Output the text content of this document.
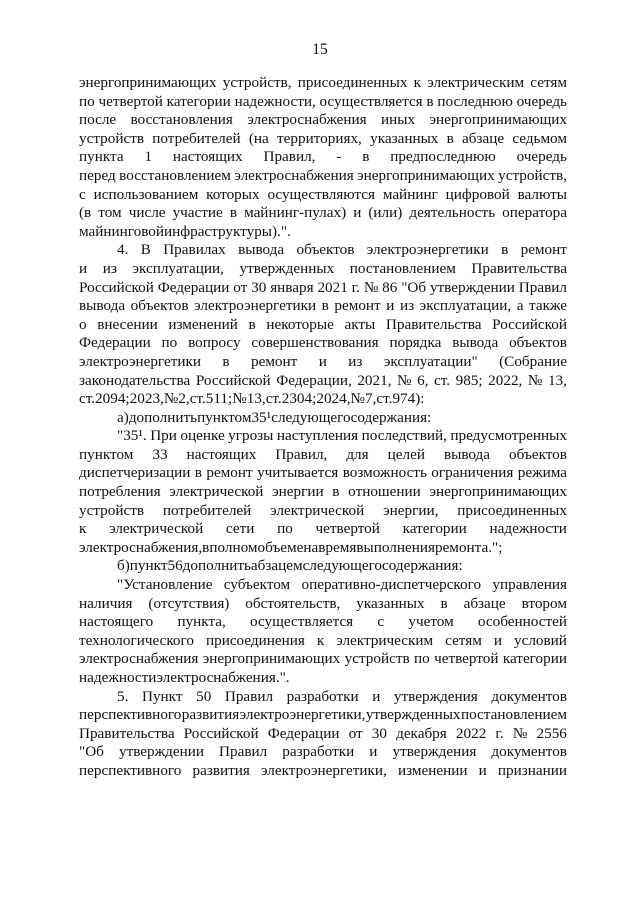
15
энергопринимающих устройств, присоединенных к электрическим сетям
по четвертой категории надежности, осуществляется в последнюю очередь
после восстановления электроснабжения иных энергопринимающих
устройств потребителей (на территориях, указанных в абзаце седьмом
пункта 1 настоящих Правил, - в предпоследнюю очередь
перед восстановлением электроснабжения энергопринимающих устройств,
с использованием которых осуществляются майнинг цифровой валюты
(в том числе участие в майнинг-пулах) и (или) деятельность оператора
майнинговой инфраструктуры).".
4. В Правилах вывода объектов электроэнергетики в ремонт
и из эксплуатации, утвержденных постановлением Правительства
Российской Федерации от 30 января 2021 г. № 86 "Об утверждении Правил
вывода объектов электроэнергетики в ремонт и из эксплуатации, а также
о внесении изменений в некоторые акты Правительства Российской
Федерации по вопросу совершенствования порядка вывода объектов
электроэнергетики в ремонт и из эксплуатации" (Собрание
законодательства Российской Федерации, 2021, № 6, ст. 985; 2022, № 13,
ст. 2094; 2023, № 2, ст. 511; № 13, ст. 2304; 2024, № 7, ст. 974):
а) дополнить пунктом 35¹ следующего содержания:
"35¹. При оценке угрозы наступления последствий, предусмотренных
пунктом 33 настоящих Правил, для целей вывода объектов
диспетчеризации в ремонт учитывается возможность ограничения режима
потребления электрической энергии в отношении энергопринимающих
устройств потребителей электрической энергии, присоединенных
к электрической сети по четвертой категории надежности
электроснабжения, в полном объеме на время выполнения ремонта.";
б) пункт 56 дополнить абзацем следующего содержания:
"Установление субъектом оперативно-диспетчерского управления
наличия (отсутствия) обстоятельств, указанных в абзаце втором
настоящего пункта, осуществляется с учетом особенностей
технологического присоединения к электрическим сетям и условий
электроснабжения энергопринимающих устройств по четвертой категории
надежности электроснабжения.".
5. Пункт 50 Правил разработки и утверждения документов
перспективного развития электроэнергетики, утвержденных постановлением
Правительства Российской Федерации от 30 декабря 2022 г. № 2556
"Об утверждении Правил разработки и утверждения документов
перспективного развития электроэнергетики, изменении и признании
